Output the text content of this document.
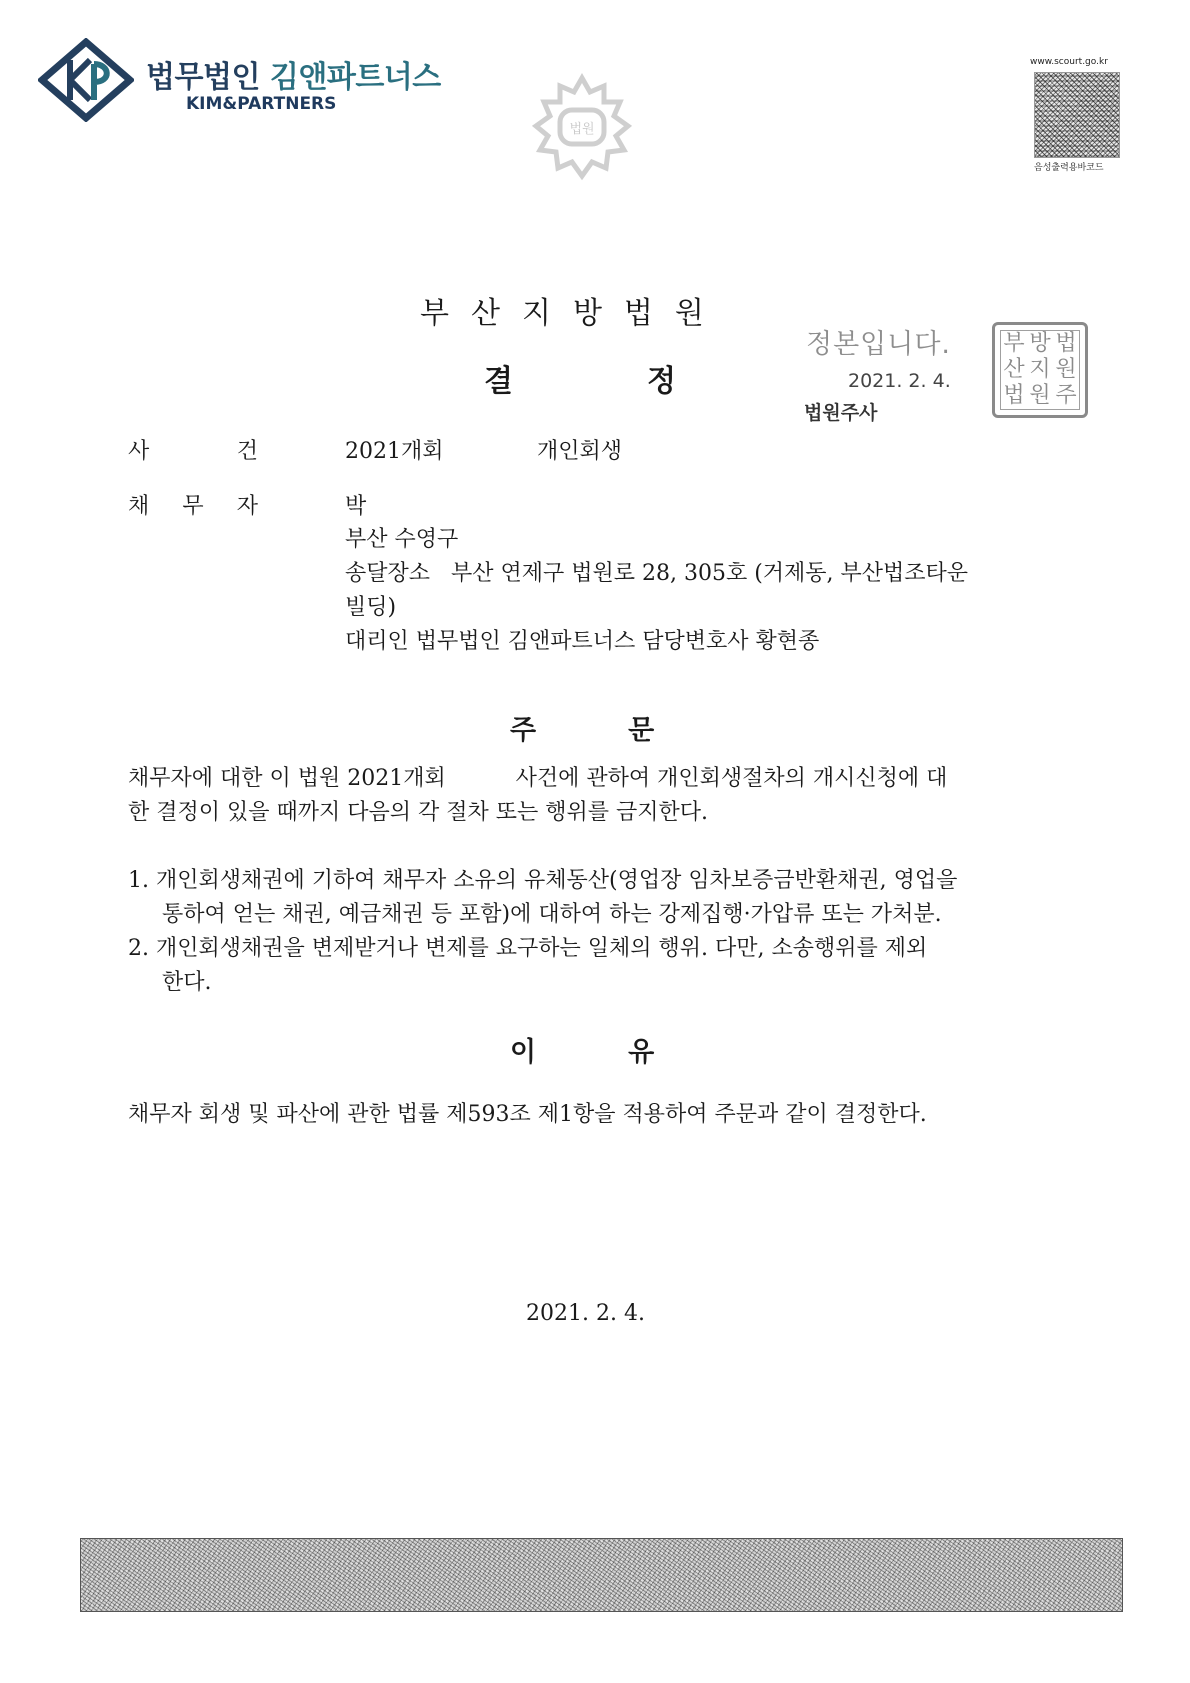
법무법인 김앤파트너스
KIM&PARTNERS
법원
www.scourt.go.kr
음성출력용바코드
정본입니다.
2021. 2. 4.
법원주사
부 방 법
산 지 원
법 원 주
부산지방법원
결	정
사	건	2021개회	개인회생
채 무 자	박
부산 수영구
송달장소   부산 연제구 법원로 28, 305호 (거제동, 부산법조타운
빌딩)
대리인 법무법인 김앤파트너스 담당변호사 황현종
주	문
채무자에 대한 이 법원 2021개회          사건에 관하여 개인회생절차의 개시신청에 대
한 결정이 있을 때까지 다음의 각 절차 또는 행위를 금지한다.
1. 개인회생채권에 기하여 채무자 소유의 유체동산(영업장 임차보증금반환채권, 영업을
통하여 얻는 채권, 예금채권 등 포함)에 대하여 하는 강제집행·가압류 또는 가처분.
2. 개인회생채권을 변제받거나 변제를 요구하는 일체의 행위. 다만, 소송행위를 제외
한다.
이	유
채무자 회생 및 파산에 관한 법률 제593조 제1항을 적용하여 주문과 같이 결정한다.
2021. 2. 4.
